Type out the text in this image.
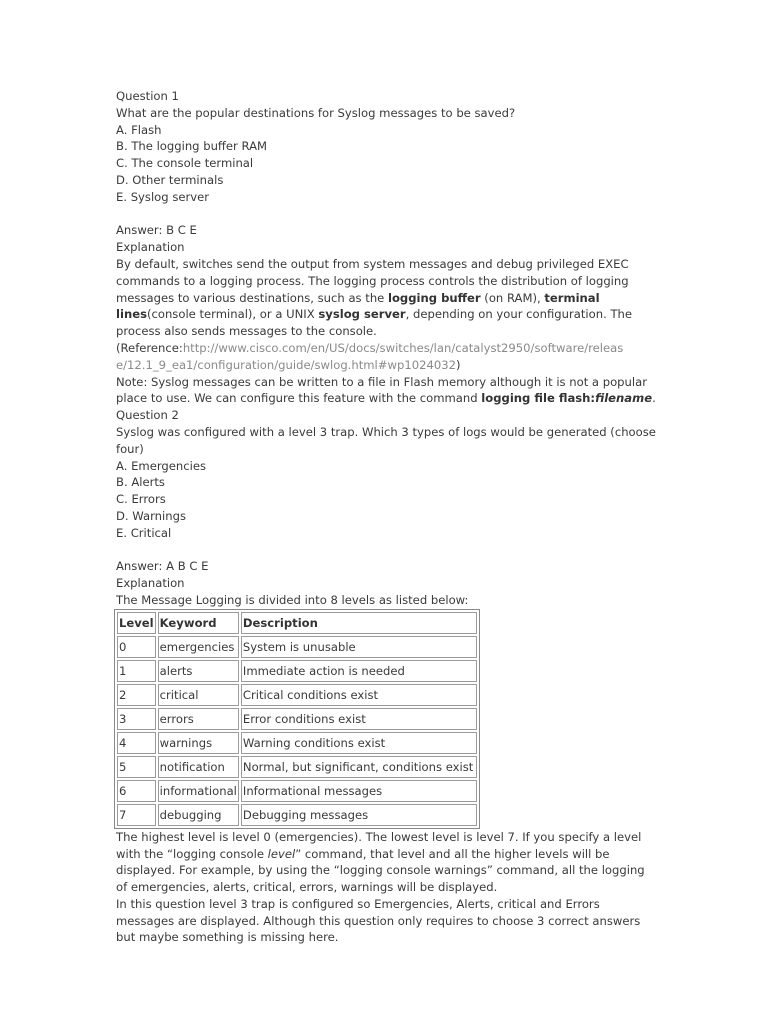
Question 1
What are the popular destinations for Syslog messages to be saved?
A. Flash
B. The logging buffer RAM
C. The console terminal
D. Other terminals
E. Syslog server
Answer: B C E
Explanation
By default, switches send the output from system messages and debug privileged EXEC commands to a logging process. The logging process controls the distribution of logging messages to various destinations, such as the logging buffer (on RAM), terminal lines(console terminal), or a UNIX syslog server, depending on your configuration. The process also sends messages to the console.
(Reference:http://www.cisco.com/en/US/docs/switches/lan/catalyst2950/software/releas
e/12.1_9_ea1/configuration/guide/swlog.html#wp1024032)
Note: Syslog messages can be written to a file in Flash memory although it is not a popular place to use. We can configure this feature with the command logging file flash:filename.
Question 2
Syslog was configured with a level 3 trap. Which 3 types of logs would be generated (choose four)
A. Emergencies
B. Alerts
C. Errors
D. Warnings
E. Critical
Answer: A B C E
Explanation
The Message Logging is divided into 8 levels as listed below:
Level	Keyword	Description
0	emergencies	System is unusable
1	alerts	Immediate action is needed
2	critical	Critical conditions exist
3	errors	Error conditions exist
4	warnings	Warning conditions exist
5	notification	Normal, but significant, conditions exist
6	informational	Informational messages
7	debugging	Debugging messages
The highest level is level 0 (emergencies). The lowest level is level 7. If you specify a level with the “logging console level” command, that level and all the higher levels will be displayed. For example, by using the “logging console warnings” command, all the logging of emergencies, alerts, critical, errors, warnings will be displayed.
In this question level 3 trap is configured so Emergencies, Alerts, critical and Errors messages are displayed. Although this question only requires to choose 3 correct answers but maybe something is missing here.
